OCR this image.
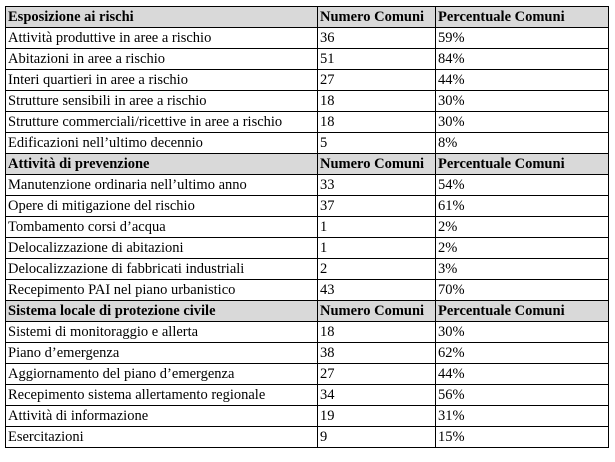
Esposizione ai rischi	Numero Comuni	Percentuale Comuni
Attività produttive in aree a rischio	36	59%
Abitazioni in aree a rischio	51	84%
Interi quartieri in aree a rischio	27	44%
Strutture sensibili in aree a rischio	18	30%
Strutture commerciali/ricettive in aree a rischio	18	30%
Edificazioni nell’ultimo decennio	5	8%
Attività di prevenzione	Numero Comuni	Percentuale Comuni
Manutenzione ordinaria nell’ultimo anno	33	54%
Opere di mitigazione del rischio	37	61%
Tombamento corsi d’acqua	1	2%
Delocalizzazione di abitazioni	1	2%
Delocalizzazione di fabbricati industriali	2	3%
Recepimento PAI nel piano urbanistico	43	70%
Sistema locale di protezione civile	Numero Comuni	Percentuale Comuni
Sistemi di monitoraggio e allerta	18	30%
Piano d’emergenza	38	62%
Aggiornamento del piano d’emergenza	27	44%
Recepimento sistema allertamento regionale	34	56%
Attività di informazione	19	31%
Esercitazioni	9	15%
